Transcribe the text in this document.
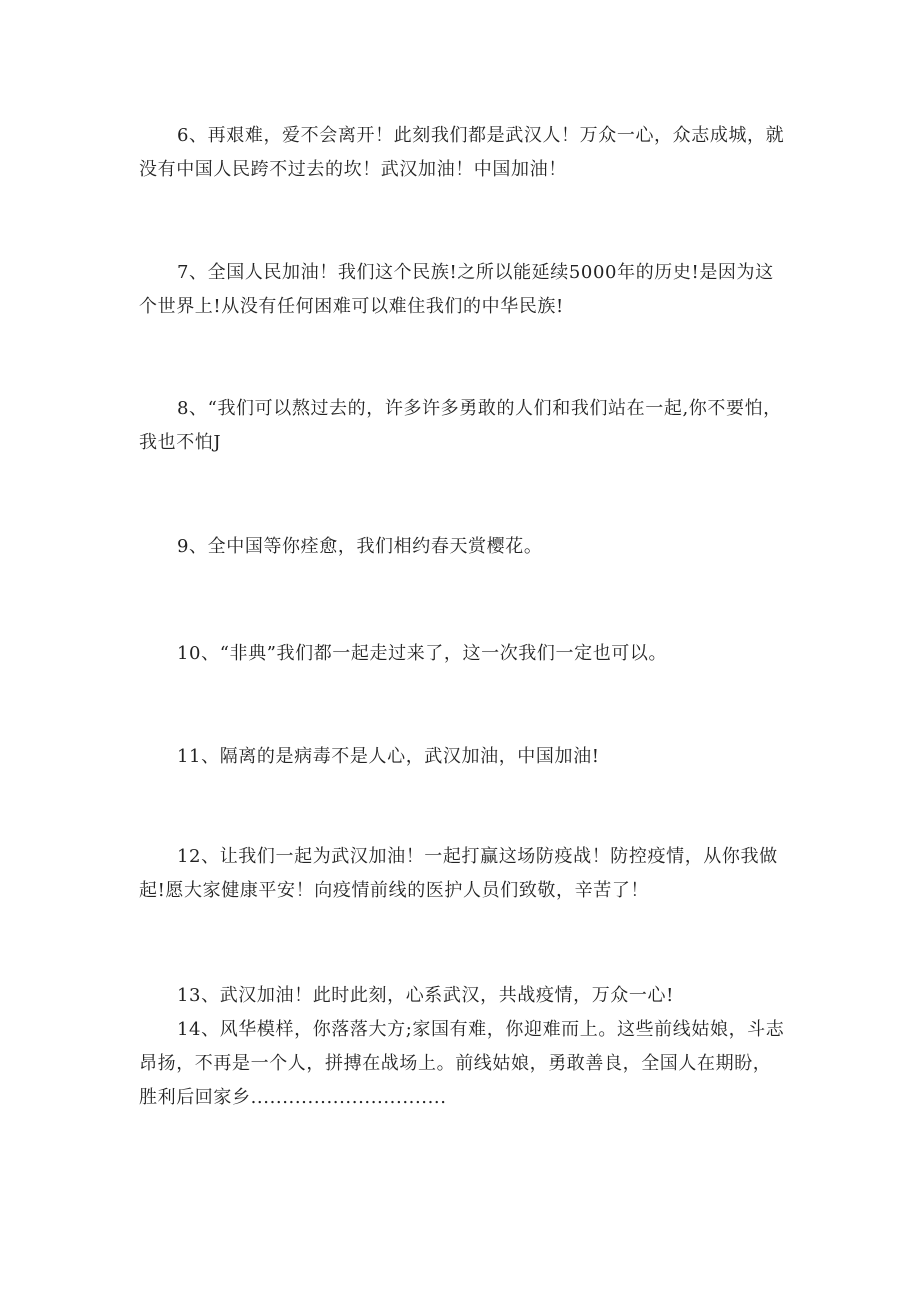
6、再艰难，爱不会离开！此刻我们都是武汉人！万众一心，众志成城，就没有中国人民跨不过去的坎！武汉加油！中国加油！

7、全国人民加油！我们这个民族!之所以能延续5000年的历史!是因为这个世界上!从没有任何困难可以难住我们的中华民族!

8、“我们可以熬过去的，许多许多勇敢的人们和我们站在一起,你不要怕，我也不怕J

9、全中国等你痊愈，我们相约春天赏樱花。

10、“非典”我们都一起走过来了，这一次我们一定也可以。

11、隔离的是病毒不是人心，武汉加油，中国加油!

12、让我们一起为武汉加油！一起打赢这场防疫战！防控疫情，从你我做起!愿大家健康平安！向疫情前线的医护人员们致敬，辛苦了！

13、武汉加油！此时此刻，心系武汉，共战疫情，万众一心!

14、风华模样，你落落大方;家国有难，你迎难而上。这些前线姑娘，斗志昂扬，不再是一个人，拼搏在战场上。前线姑娘，勇敢善良，全国人在期盼，胜利后回家乡...............................
